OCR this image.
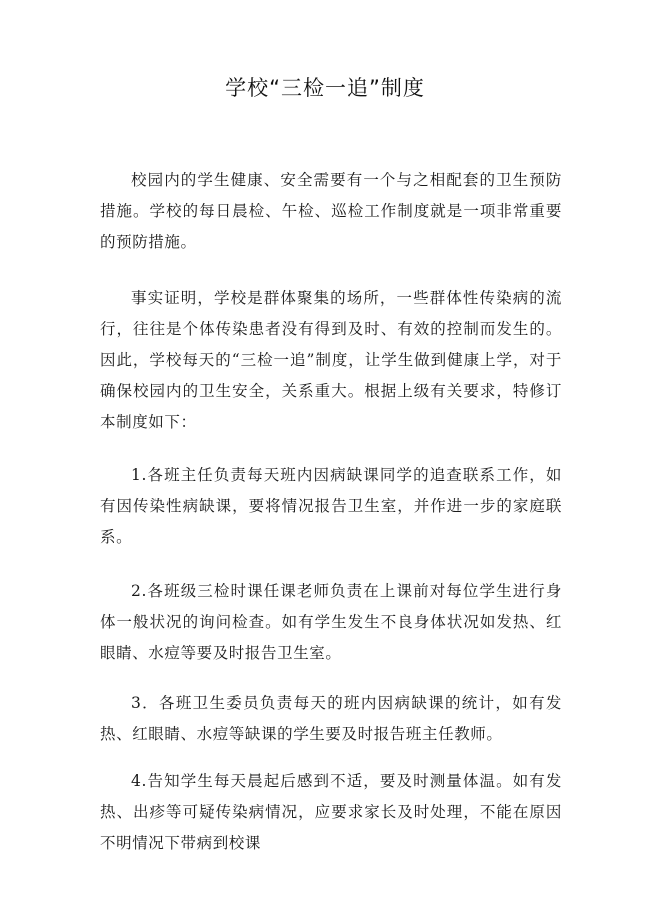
学校“三检一追”制度

校园内的学生健康、安全需要有一个与之相配套的卫生预防措施。学校的每日晨检、午检、巡检工作制度就是一项非常重要的预防措施。

事实证明，学校是群体聚集的场所，一些群体性传染病的流行，往往是个体传染患者没有得到及时、有效的控制而发生的。因此，学校每天的“三检一追”制度，让学生做到健康上学，对于确保校园内的卫生安全，关系重大。根据上级有关要求，特修订本制度如下：

1.各班主任负责每天班内因病缺课同学的追查联系工作，如有因传染性病缺课，要将情况报告卫生室，并作进一步的家庭联系。

2.各班级三检时课任课老师负责在上课前对每位学生进行身体一般状况的询问检查。如有学生发生不良身体状况如发热、红眼睛、水痘等要及时报告卫生室。

3．各班卫生委员负责每天的班内因病缺课的统计，如有发热、红眼睛、水痘等缺课的学生要及时报告班主任教师。

4.告知学生每天晨起后感到不适，要及时测量体温。如有发热、出疹等可疑传染病情况，应要求家长及时处理，不能在原因不明情况下带病到校课
